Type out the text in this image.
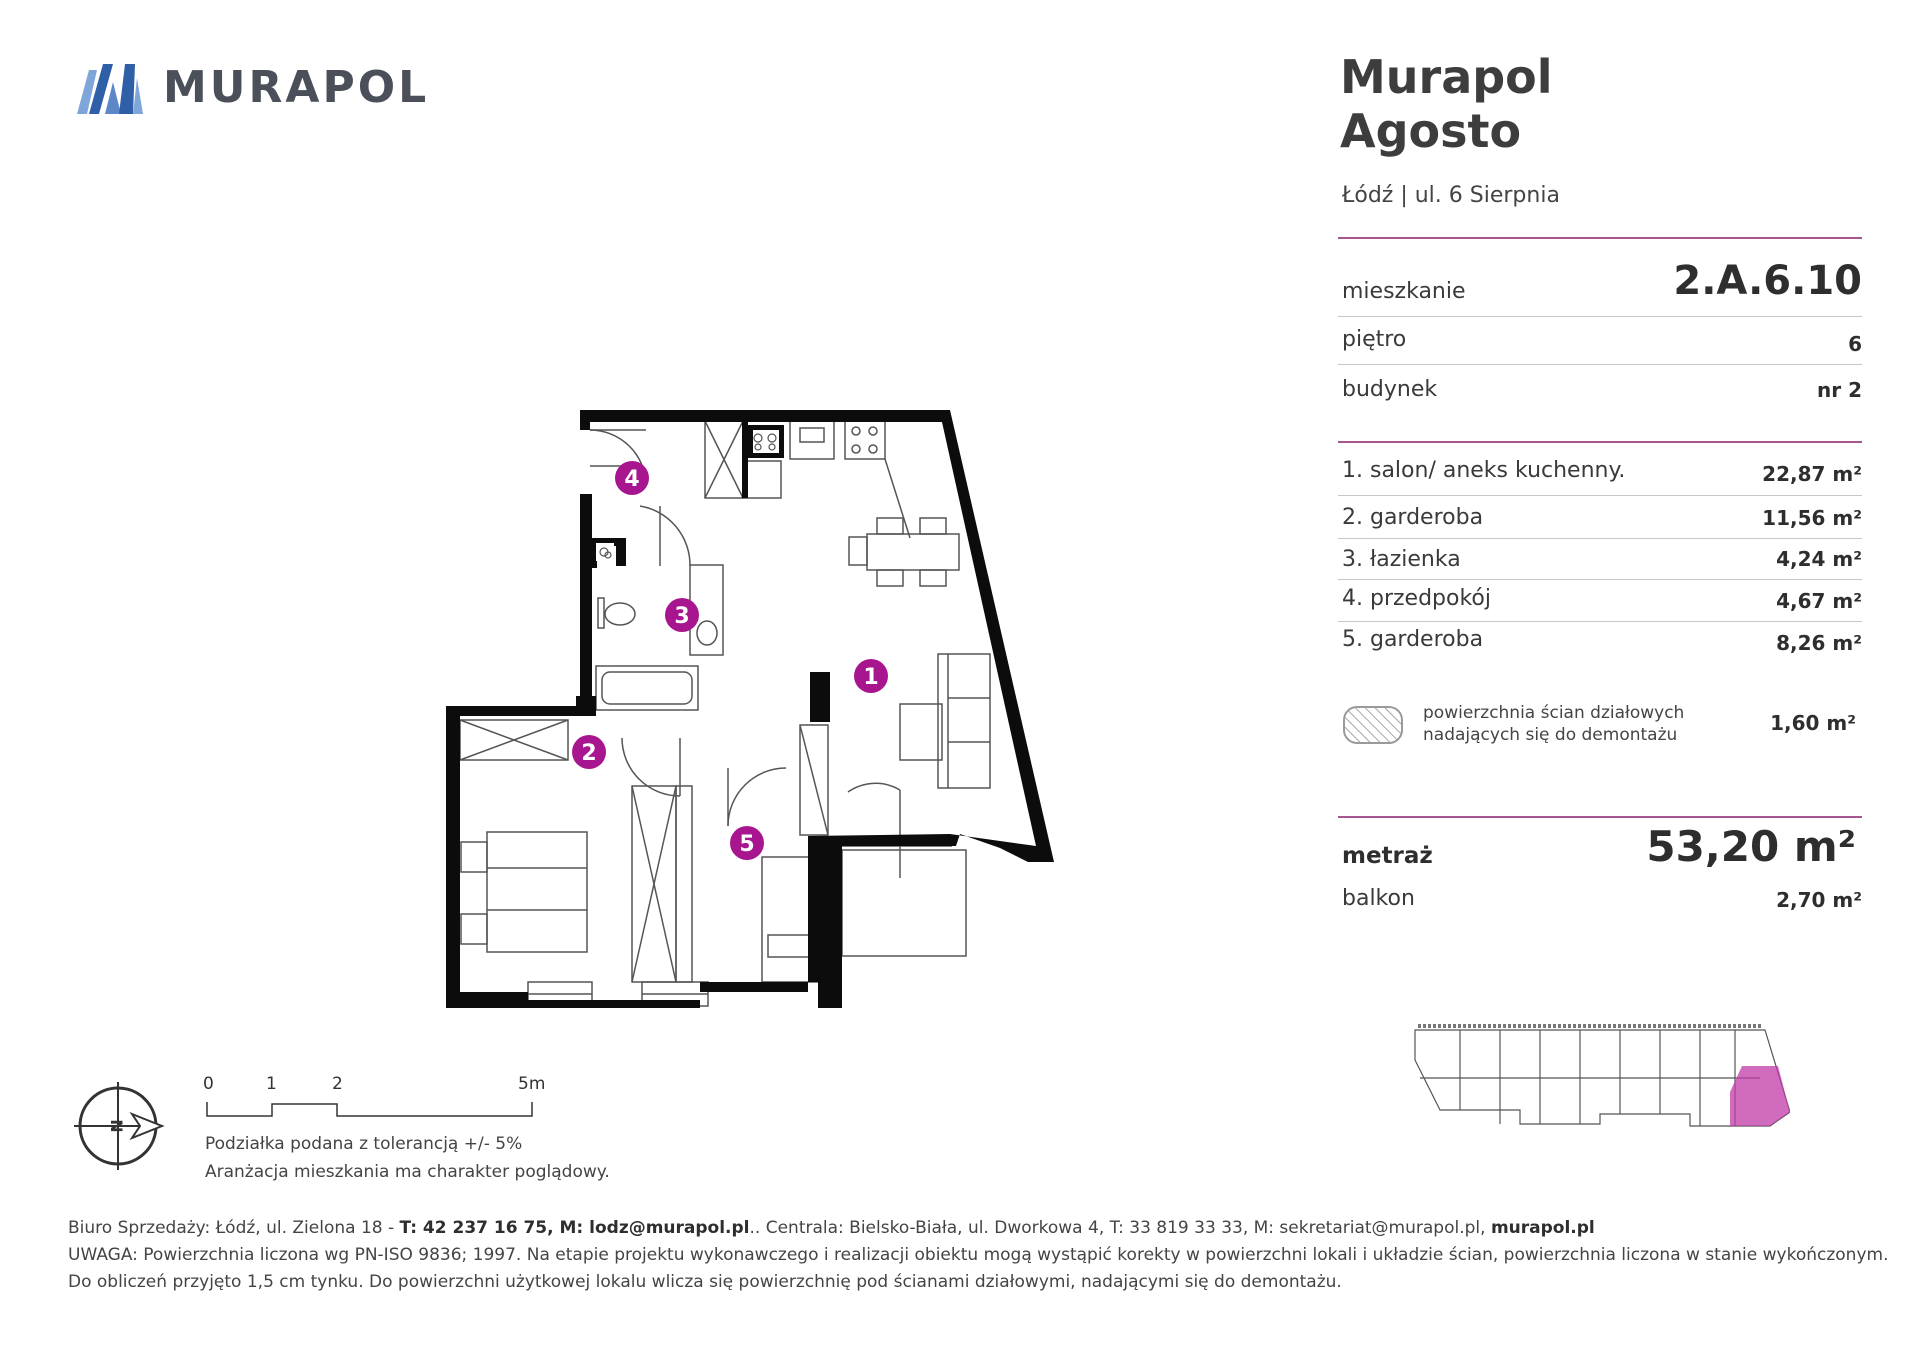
MURAPOL	Murapol
Agosto
Łódź | ul. 6 Sierpnia
mieszkanie	2.A.6.10
piętro	6
budynek	nr 2
1. salon/ aneks kuchenny.	22,87 m²
2. garderoba	11,56 m²
3. łazienka	4,24 m²
4. przedpokój	4,67 m²
5. garderoba	8,26 m²
powierzchnia ścian działowych
nadających się do demontażu	1,60 m²
metraż	53,20 m²
balkon	2,70 m²
1
2
3
4
5
N
0	1	2	5m
Podziałka podana z tolerancją +/- 5%
Aranżacja mieszkania ma charakter poglądowy.
Biuro Sprzedaży: Łódź, ul. Zielona 18 - T: 42 237 16 75, M: lodz@murapol.pl.. Centrala: Bielsko-Biała, ul. Dworkowa 4, T: 33 819 33 33, M: sekretariat@murapol.pl, murapol.pl
UWAGA: Powierzchnia liczona wg PN-ISO 9836; 1997. Na etapie projektu wykonawczego i realizacji obiektu mogą wystąpić korekty w powierzchni lokali i układzie ścian, powierzchnia liczona w stanie wykończonym.
Do obliczeń przyjęto 1,5 cm tynku. Do powierzchni użytkowej lokalu wlicza się powierzchnię pod ścianami działowymi, nadającymi się do demontażu.
